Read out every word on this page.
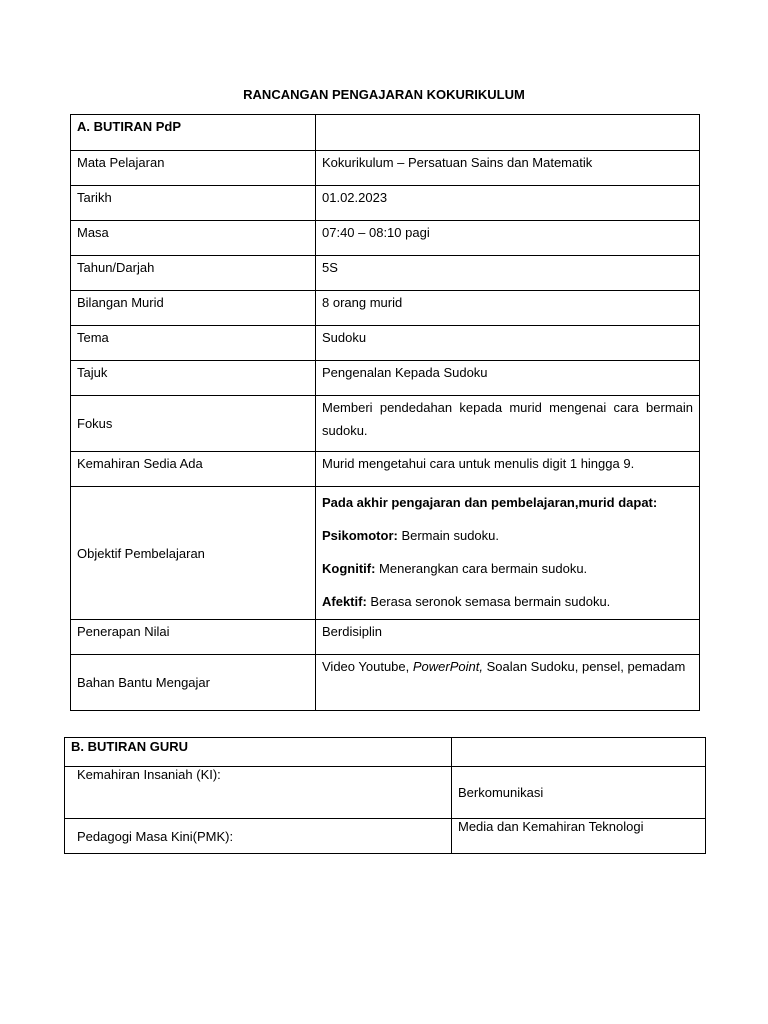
RANCANGAN PENGAJARAN KOKURIKULUM
A. BUTIRAN PdP	
Mata Pelajaran	Kokurikulum – Persatuan Sains dan Matematik
Tarikh	01.02.2023
Masa	07:40 – 08:10 pagi
Tahun/Darjah	5S
Bilangan Murid	8 orang murid
Tema	Sudoku
Tajuk	Pengenalan Kepada Sudoku
Fokus	Memberi pendedahan kepada murid mengenai cara bermain sudoku.
Kemahiran Sedia Ada	Murid mengetahui cara untuk menulis digit 1 hingga 9.
Objektif Pembelajaran	Pada akhir pengajaran dan pembelajaran,murid dapat:

Psikomotor: Bermain sudoku.

Kognitif: Menerangkan cara bermain sudoku.

Afektif: Berasa seronok semasa bermain sudoku.

Penerapan Nilai	Berdisiplin
Bahan Bantu Mengajar	Video Youtube, PowerPoint, Soalan Sudoku, pensel, pemadam
B. BUTIRAN GURU	
Kemahiran Insaniah (KI):	Berkomunikasi
Pedagogi Masa Kini(PMK):	Media dan Kemahiran Teknologi
